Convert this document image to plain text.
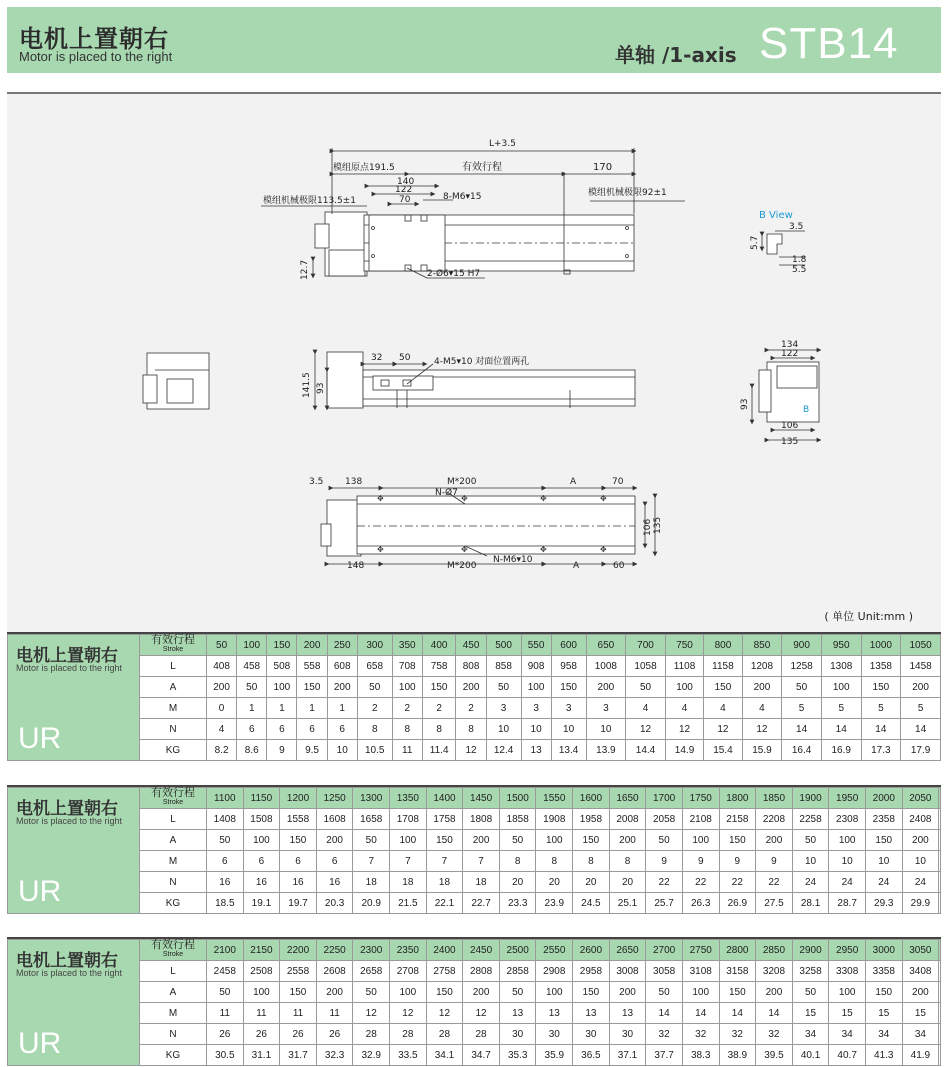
电机上置朝右
Motor is placed to the right	单轴 /1-axis STB14
L+3.5
模组原点191.5	有效行程	170
140
122
70	8-M6▾15
模组机械极限113.5±1
模组机械极限92±1
12.7	2-Ø6▾15 H7
B View
3.5
5.7
1.8
5.5
32 50	4-M5▾10 对面位置两孔
141.5 93
134
122
93
106
135
B
✥	✥	✥	✥
✥	✥	✥	✥
3.5 138	M*200	A	70
N-Ø7
106 135
148	M*200
N-M6▾10
A	60
( 单位 Unit:mm )
电机上置朝右
Motor is placed to the right
UR	有效行程
Stroke	50	100	150	200	250	300	350	400	450	500	550	600	650	700	750	800	850	900	950	1000	1050
	L	408	458	508	558	608	658	708	758	808	858	908	958	1008	1058	1108	1158	1208	1258	1308	1358	1458
	A	200	50	100	150	200	50	100	150	200	50	100	150	200	50	100	150	200	50	100	150	200
	M	0	1	1	1	1	2	2	2	2	3	3	3	3	4	4	4	4	5	5	5	5
	N	4	6	6	6	6	8	8	8	8	10	10	10	10	12	12	12	12	14	14	14	14
	KG	8.2	8.6	9	9.5	10	10.5	11	11.4	12	12.4	13	13.4	13.9	14.4	14.9	15.4	15.9	16.4	16.9	17.3	17.9
电机上置朝右
Motor is placed to the right
UR	有效行程
Stroke	1100	1150	1200	1250	1300	1350	1400	1450	1500	1550	1600	1650	1700	1750	1800	1850	1900	1950	2000	2050	
	L	1408	1508	1558	1608	1658	1708	1758	1808	1858	1908	1958	2008	2058	2108	2158	2208	2258	2308	2358	2408	
	A	50	100	150	200	50	100	150	200	50	100	150	200	50	100	150	200	50	100	150	200	
	M	6	6	6	6	7	7	7	7	8	8	8	8	9	9	9	9	10	10	10	10	
	N	16	16	16	16	18	18	18	18	20	20	20	20	22	22	22	22	24	24	24	24	
	KG	18.5	19.1	19.7	20.3	20.9	21.5	22.1	22.7	23.3	23.9	24.5	25.1	25.7	26.3	26.9	27.5	28.1	28.7	29.3	29.9	
电机上置朝右
Motor is placed to the right
UR	有效行程
Stroke	2100	2150	2200	2250	2300	2350	2400	2450	2500	2550	2600	2650	2700	2750	2800	2850	2900	2950	3000	3050	
	L	2458	2508	2558	2608	2658	2708	2758	2808	2858	2908	2958	3008	3058	3108	3158	3208	3258	3308	3358	3408	
	A	50	100	150	200	50	100	150	200	50	100	150	200	50	100	150	200	50	100	150	200	
	M	11	11	11	11	12	12	12	12	13	13	13	13	14	14	14	14	15	15	15	15	
	N	26	26	26	26	28	28	28	28	30	30	30	30	32	32	32	32	34	34	34	34	
	KG	30.5	31.1	31.7	32.3	32.9	33.5	34.1	34.7	35.3	35.9	36.5	37.1	37.7	38.3	38.9	39.5	40.1	40.7	41.3	41.9	
